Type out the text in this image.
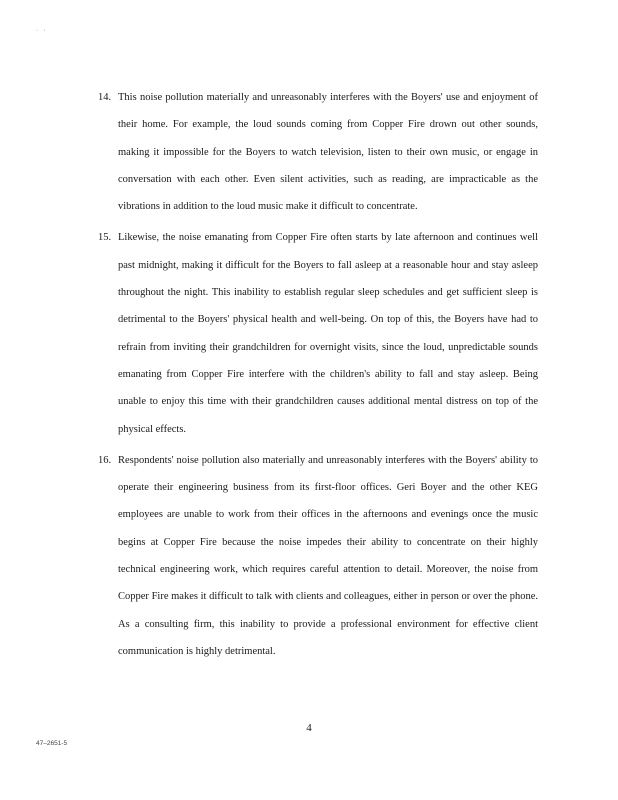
· ·
14. This noise pollution materially and unreasonably interferes with the Boyers' use and enjoyment of their home. For example, the loud sounds coming from Copper Fire drown out other sounds, making it impossible for the Boyers to watch television, listen to their own music, or engage in conversation with each other. Even silent activities, such as reading, are impracticable as the vibrations in addition to the loud music make it difficult to concentrate.
15. Likewise, the noise emanating from Copper Fire often starts by late afternoon and continues well past midnight, making it difficult for the Boyers to fall asleep at a reasonable hour and stay asleep throughout the night. This inability to establish regular sleep schedules and get sufficient sleep is detrimental to the Boyers' physical health and well-being. On top of this, the Boyers have had to refrain from inviting their grandchildren for overnight visits, since the loud, unpredictable sounds emanating from Copper Fire interfere with the children's ability to fall and stay asleep. Being unable to enjoy this time with their grandchildren causes additional mental distress on top of the physical effects.
16. Respondents' noise pollution also materially and unreasonably interferes with the Boyers' ability to operate their engineering business from its first-floor offices. Geri Boyer and the other KEG employees are unable to work from their offices in the afternoons and evenings once the music begins at Copper Fire because the noise impedes their ability to concentrate on their highly technical engineering work, which requires careful attention to detail. Moreover, the noise from Copper Fire makes it difficult to talk with clients and colleagues, either in person or over the phone. As a consulting firm, this inability to provide a professional environment for effective client communication is highly detrimental.
4
47–2651-5
